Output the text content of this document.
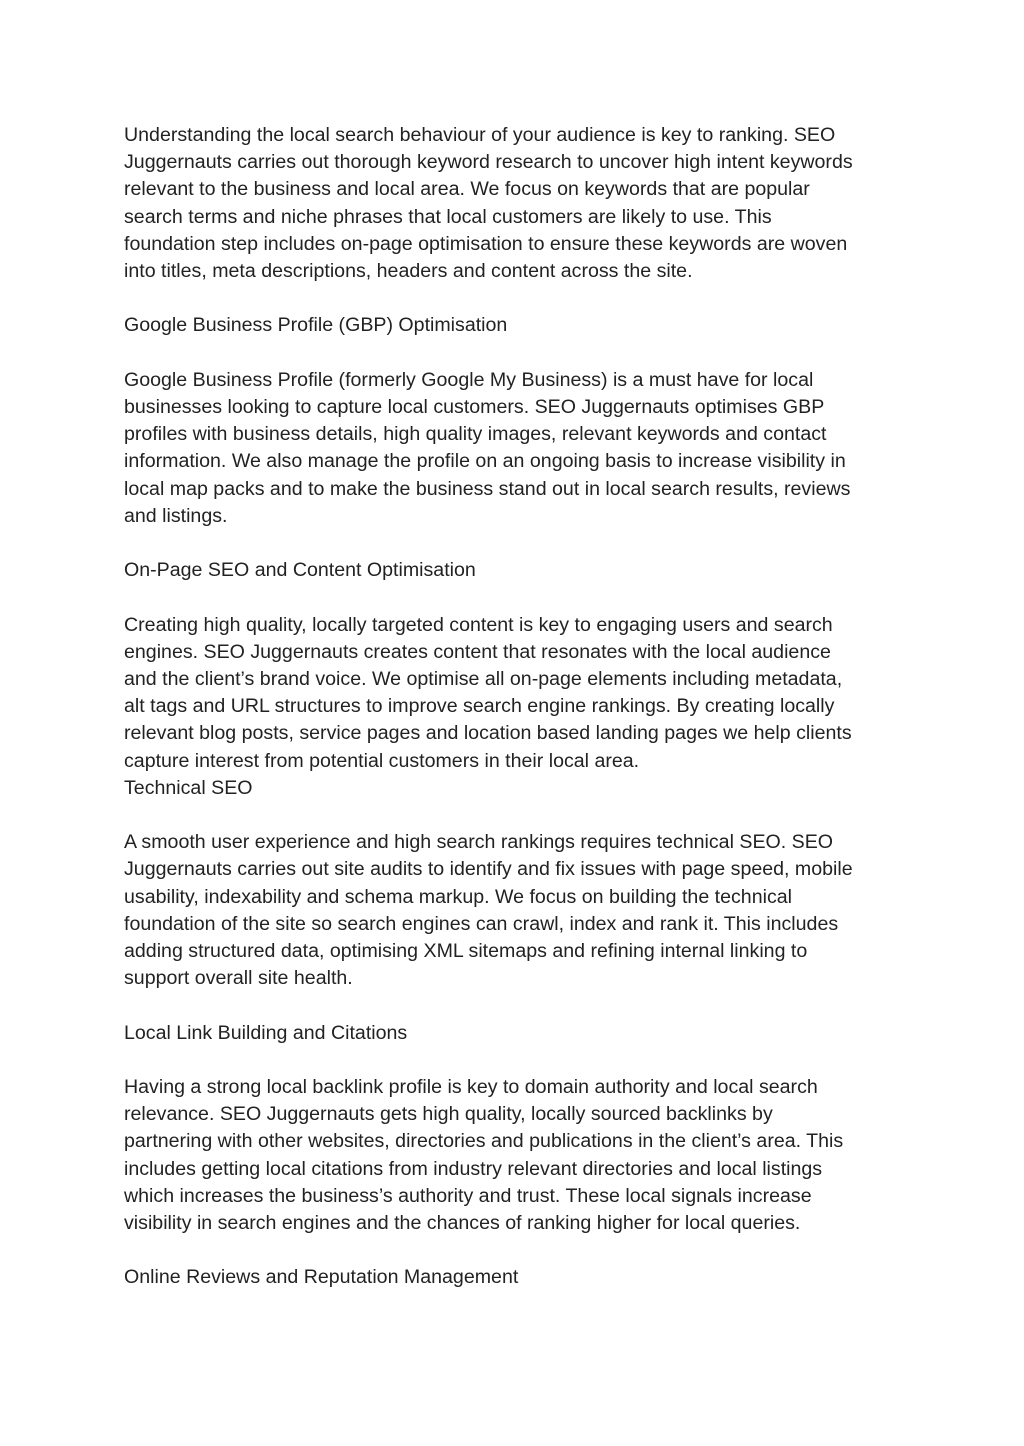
Understanding the local search behaviour of your audience is key to ranking. SEO
Juggernauts carries out thorough keyword research to uncover high intent keywords
relevant to the business and local area. We focus on keywords that are popular
search terms and niche phrases that local customers are likely to use. This
foundation step includes on-page optimisation to ensure these keywords are woven
into titles, meta descriptions, headers and content across the site.

Google Business Profile (GBP) Optimisation

Google Business Profile (formerly Google My Business) is a must have for local
businesses looking to capture local customers. SEO Juggernauts optimises GBP
profiles with business details, high quality images, relevant keywords and contact
information. We also manage the profile on an ongoing basis to increase visibility in
local map packs and to make the business stand out in local search results, reviews
and listings.

On-Page SEO and Content Optimisation

Creating high quality, locally targeted content is key to engaging users and search
engines. SEO Juggernauts creates content that resonates with the local audience
and the client’s brand voice. We optimise all on-page elements including metadata,
alt tags and URL structures to improve search engine rankings. By creating locally
relevant blog posts, service pages and location based landing pages we help clients
capture interest from potential customers in their local area.

Technical SEO

A smooth user experience and high search rankings requires technical SEO. SEO
Juggernauts carries out site audits to identify and fix issues with page speed, mobile
usability, indexability and schema markup. We focus on building the technical
foundation of the site so search engines can crawl, index and rank it. This includes
adding structured data, optimising XML sitemaps and refining internal linking to
support overall site health.

Local Link Building and Citations

Having a strong local backlink profile is key to domain authority and local search
relevance. SEO Juggernauts gets high quality, locally sourced backlinks by
partnering with other websites, directories and publications in the client’s area. This
includes getting local citations from industry relevant directories and local listings
which increases the business’s authority and trust. These local signals increase
visibility in search engines and the chances of ranking higher for local queries.

Online Reviews and Reputation Management
